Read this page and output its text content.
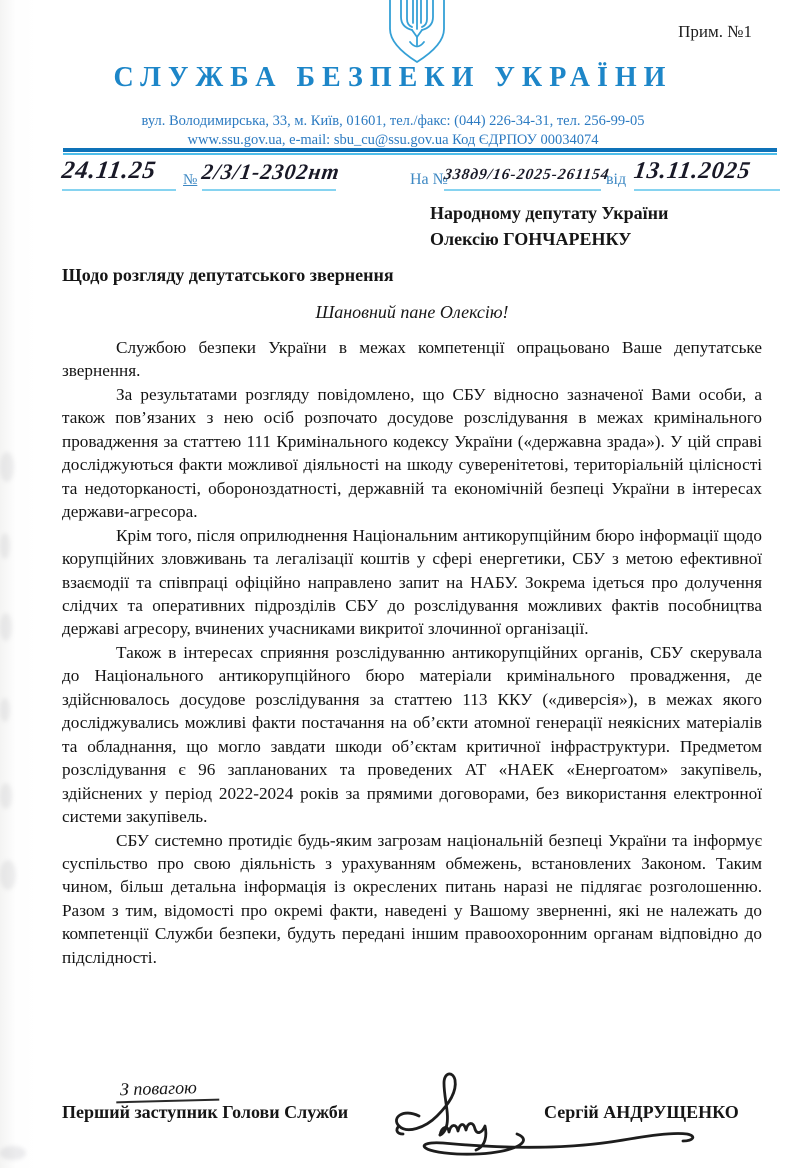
Прим. №1
СЛУЖБА БЕЗПЕКИ УКРАЇНИ
вул. Володимирська, 33, м. Київ, 01601, тел./факс: (044) 226-34-31, тел. 256-99-05
www.ssu.gov.ua, e-mail: sbu_cu@ssu.gov.ua Код ЄДРПОУ 00034074
24.11.25	№ 2/3/1-2302нт	На №
338д9/16-2025-261154
від 13.11.2025
Народному депутату України
Олексію ГОНЧАРЕНКУ
Щодо розгляду депутатського звернення
Шановний пане Олексію!

Службою безпеки України в межах компетенції опрацьовано Ваше депутатське звернення.

За результатами розгляду повідомлено, що СБУ відносно зазначеної Вами особи, а також пов’язаних з нею осіб розпочато досудове розслідування в межах кримінального провадження за статтею 111 Кримінального кодексу України («державна зрада»). У цій справі досліджуються факти можливої діяльності на шкоду суверенітетові, територіальній цілісності та недоторканості, обороноздатності, державній та економічній безпеці України в інтересах держави-агресора.

Крім того, після оприлюднення Національним антикорупційним бюро інформації щодо корупційних зловживань та легалізації коштів у сфері енергетики, СБУ з метою ефективної взаємодії та співпраці офіційно направлено запит на НАБУ. Зокрема ідеться про долучення слідчих та оперативних підрозділів СБУ до розслідування можливих фактів пособництва державі агресору, вчинених учасниками викритої злочинної організації.

Також в інтересах сприяння розслідуванню антикорупційних органів, СБУ скерувала до Національного антикорупційного бюро матеріали кримінального провадження, де здійснювалось досудове розслідування за статтею 113 ККУ («диверсія»), в межах якого досліджувались можливі факти постачання на об’єкти атомної генерації неякісних матеріалів та обладнання, що могло завдати шкоди об’єктам критичної інфраструктури. Предметом розслідування є 96 запланованих та проведених АТ «НАЕК «Енергоатом» закупівель, здійснених у період 2022-2024 років за прямими договорами, без використання електронної системи закупівель.

СБУ системно протидіє будь-яким загрозам національній безпеці України та інформує суспільство про свою діяльність з урахуванням обмежень, встановлених Законом. Таким чином, більш детальна інформація із окреслених питань наразі не підлягає розголошенню. Разом з тим, відомості про окремі факти, наведені у Вашому зверненні, які не належать до компетенції Служби безпеки, будуть передані іншим правоохоронним органам відповідно до підслідності.

З повагою
Перший заступник Голови Служби	Сергій АНДРУЩЕНКО
